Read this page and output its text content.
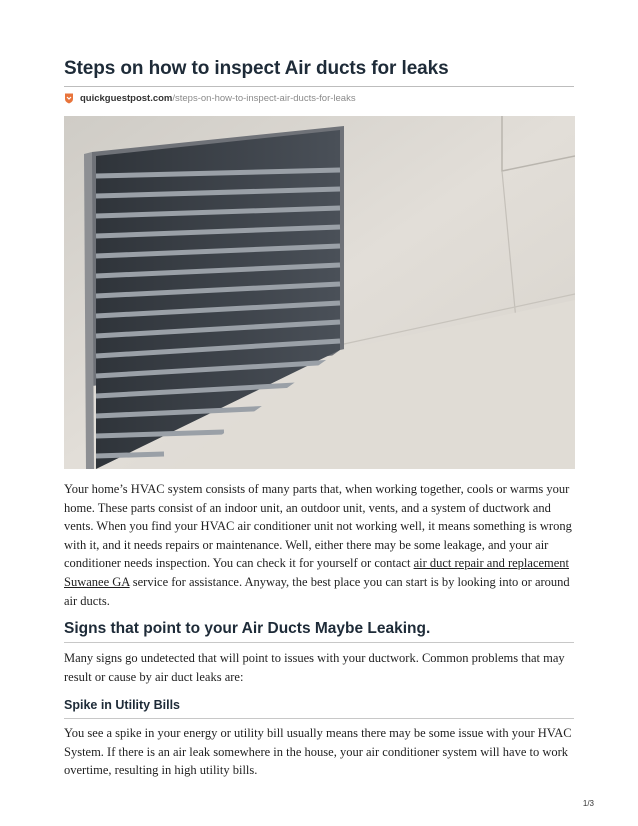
Steps on how to inspect Air ducts for leaks
quickguestpost.com/steps-on-how-to-inspect-air-ducts-for-leaks

Your home’s HVAC system consists of many parts that, when working together, cools or warms your home. These parts consist of an indoor unit, an outdoor unit, vents, and a system of ductwork and vents. When you find your HVAC air conditioner unit not working well, it means something is wrong with it, and it needs repairs or maintenance. Well, either there may be some leakage, and your air conditioner needs inspection. You can check it for yourself or contact air duct repair and replacement Suwanee GA service for assistance. Anyway, the best place you can start is by looking into or around air ducts.

Signs that point to your Air Ducts Maybe Leaking.

Many signs go undetected that will point to issues with your ductwork. Common problems that may result or cause by air duct leaks are:

Spike in Utility Bills

You see a spike in your energy or utility bill usually means there may be some issue with your HVAC System. If there is an air leak somewhere in the house, your air conditioner system will have to work overtime, resulting in high utility bills.

1/3
